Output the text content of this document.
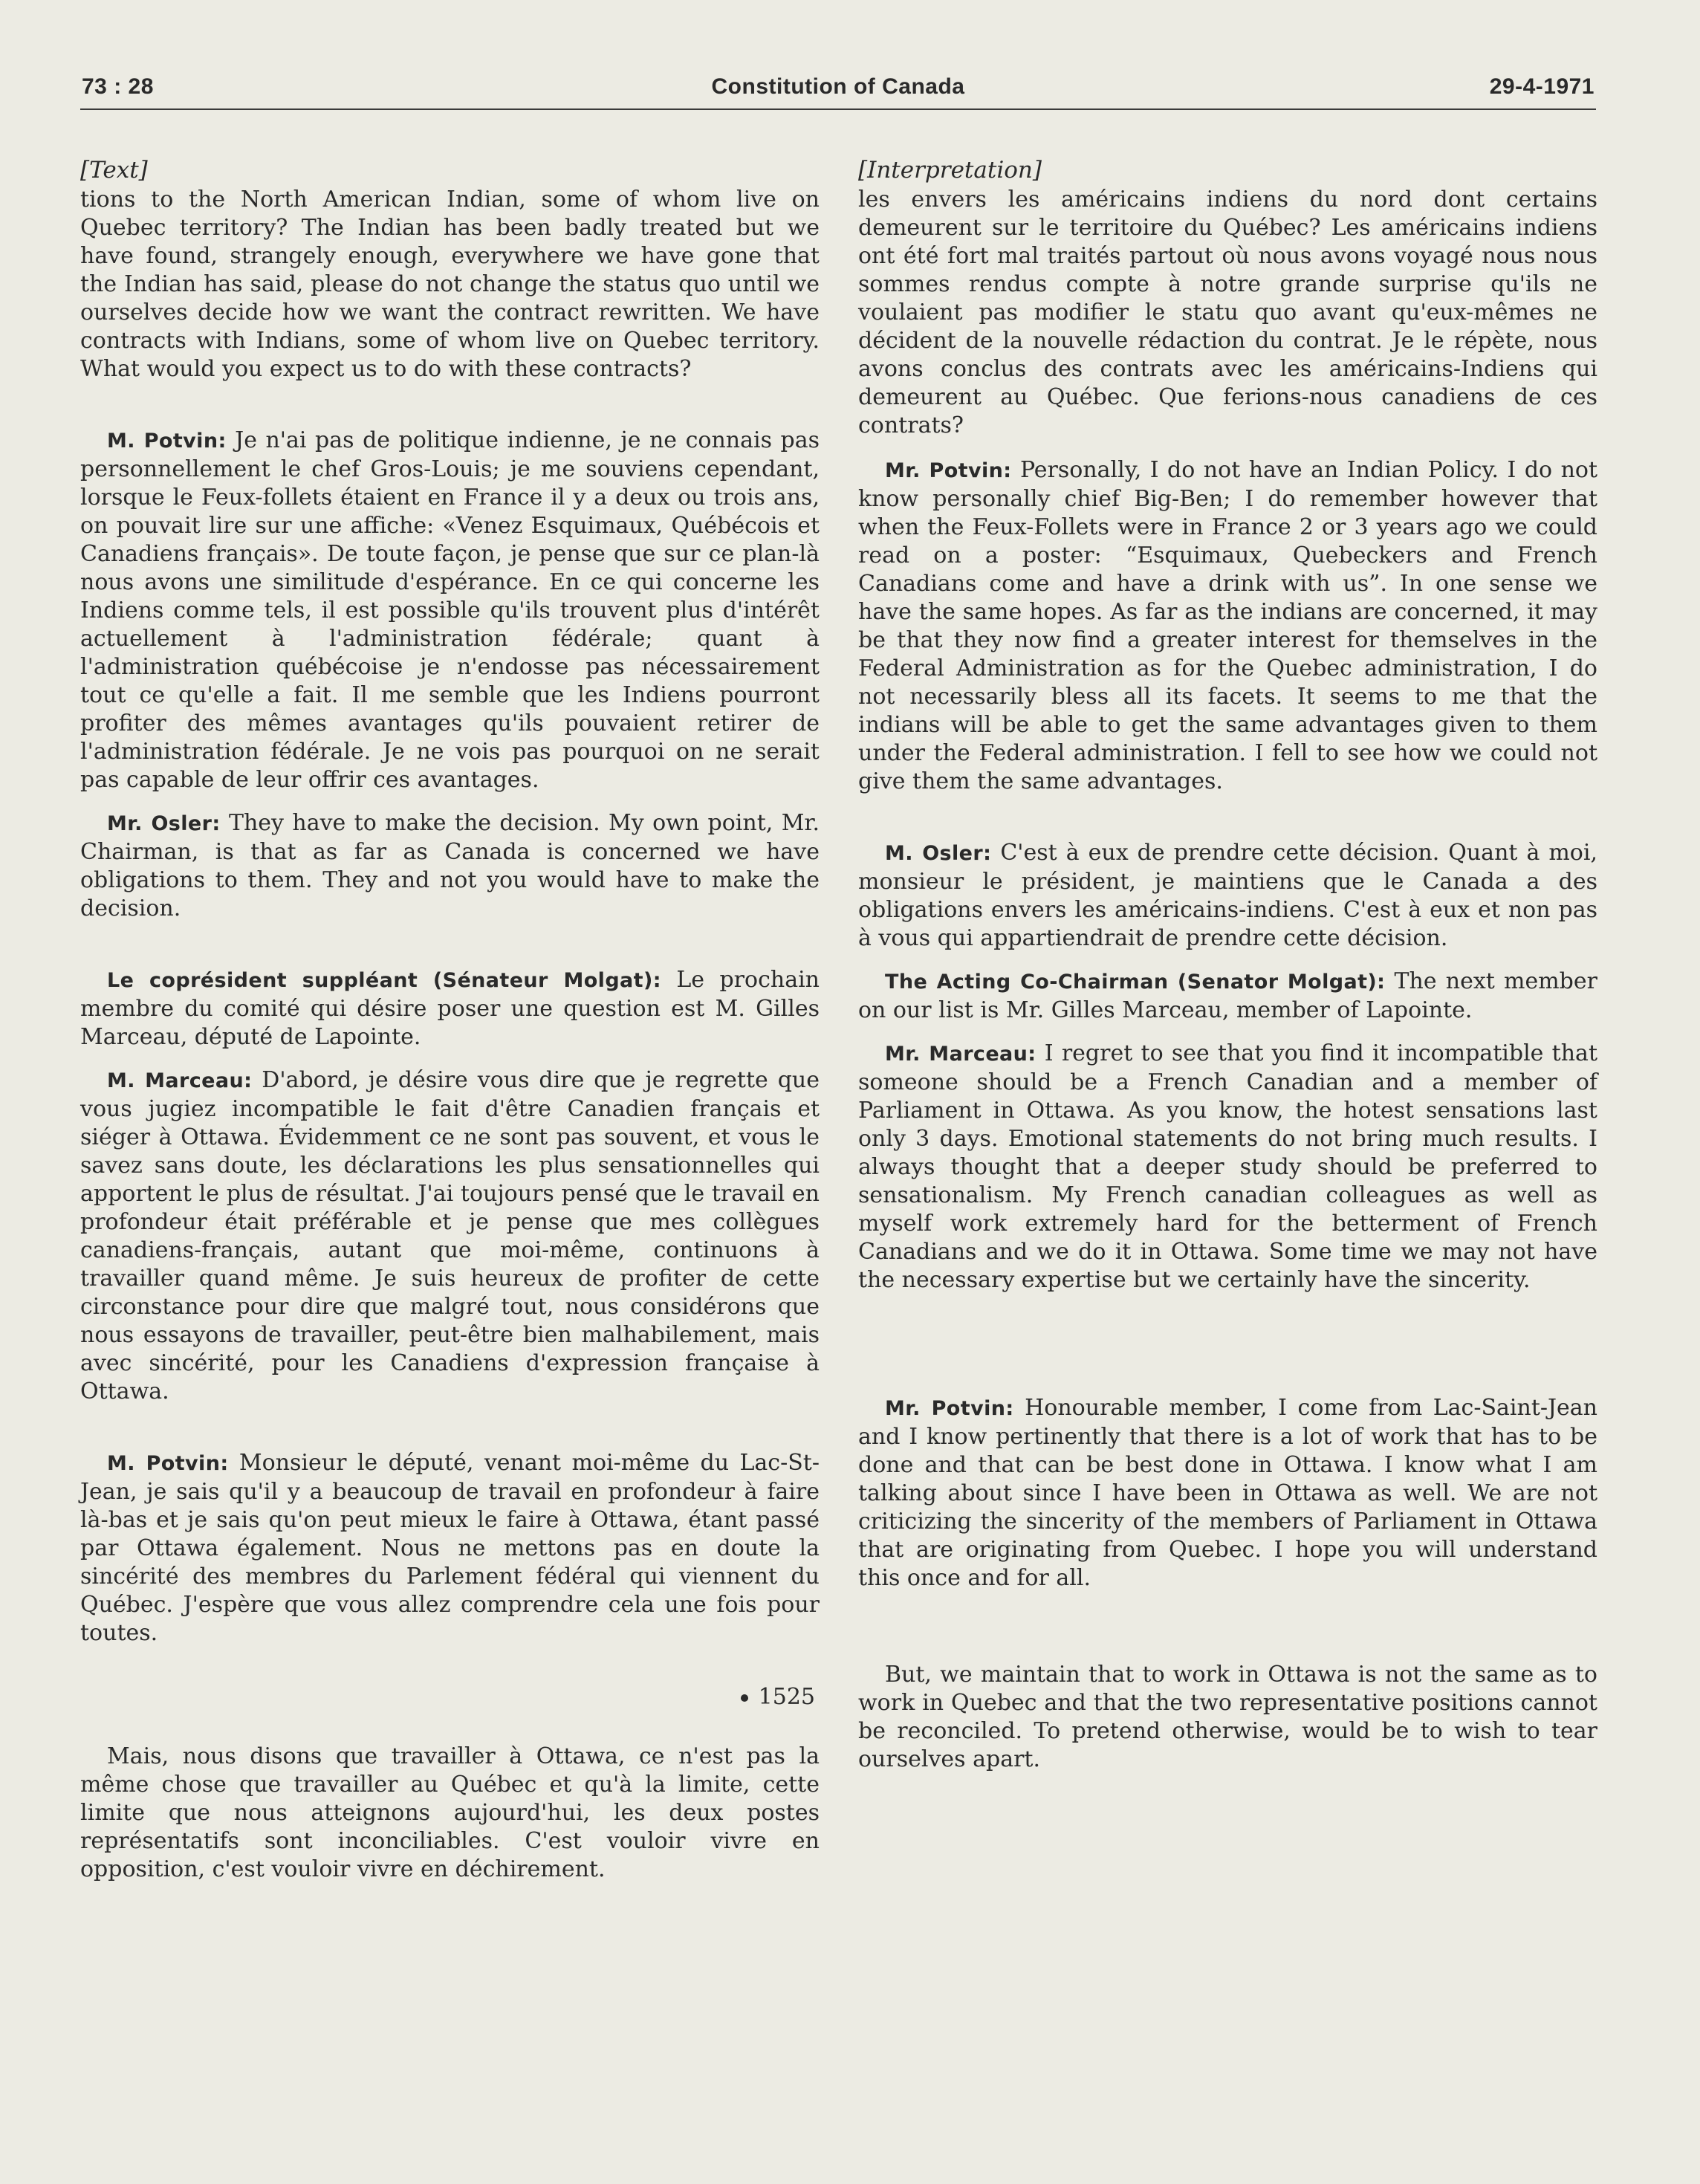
73 : 28	Constitution of Canada	29-4-1971
[Text]

tions to the North American Indian, some of whom live on Quebec territory? The Indian has been badly treated but we have found, strangely enough, everywhere we have gone that the Indian has said, please do not change the status quo until we ourselves decide how we want the contract rewritten. We have contracts with Indians, some of whom live on Quebec territory. What would you expect us to do with these contracts?

M. Potvin: Je n'ai pas de politique indienne, je ne connais pas personnellement le chef Gros-Louis; je me souviens cependant, lorsque le Feux-follets étaient en France il y a deux ou trois ans, on pouvait lire sur une affiche: «Venez Esquimaux, Québécois et Canadiens français». De toute façon, je pense que sur ce plan-là nous avons une similitude d'espérance. En ce qui concerne les Indiens comme tels, il est possible qu'ils trouvent plus d'intérêt actuellement à l'administration fédérale; quant à l'administration québécoise je n'endosse pas nécessairement tout ce qu'elle a fait. Il me semble que les Indiens pourront profiter des mêmes avantages qu'ils pouvaient retirer de l'administration fédérale. Je ne vois pas pourquoi on ne serait pas capable de leur offrir ces avantages.

Mr. Osler: They have to make the decision. My own point, Mr. Chairman, is that as far as Canada is concerned we have obligations to them. They and not you would have to make the decision.

Le coprésident suppléant (Sénateur Molgat): Le prochain membre du comité qui désire poser une question est M. Gilles Marceau, député de Lapointe.

M. Marceau: D'abord, je désire vous dire que je regrette que vous jugiez incompatible le fait d'être Canadien français et siéger à Ottawa. Évidemment ce ne sont pas souvent, et vous le savez sans doute, les déclarations les plus sensationnelles qui apportent le plus de résultat. J'ai toujours pensé que le travail en profondeur était préférable et je pense que mes collègues canadiens-français, autant que moi-même, continuons à travailler quand même. Je suis heureux de profiter de cette circonstance pour dire que malgré tout, nous considérons que nous essayons de travailler, peut-être bien malhabilement, mais avec sincérité, pour les Canadiens d'expression française à Ottawa.

M. Potvin: Monsieur le député, venant moi-même du Lac-St-Jean, je sais qu'il y a beaucoup de travail en profondeur à faire là-bas et je sais qu'on peut mieux le faire à Ottawa, étant passé par Ottawa également. Nous ne mettons pas en doute la sincérité des membres du Parlement fédéral qui viennent du Québec. J'espère que vous allez comprendre cela une fois pour toutes.

1525

Mais, nous disons que travailler à Ottawa, ce n'est pas la même chose que travailler au Québec et qu'à la limite, cette limite que nous atteignons aujourd'hui, les deux postes représentatifs sont inconciliables. C'est vouloir vivre en opposition, c'est vouloir vivre en déchirement.

[Interpretation]

les envers les américains indiens du nord dont certains demeurent sur le territoire du Québec? Les américains indiens ont été fort mal traités partout où nous avons voyagé nous nous sommes rendus compte à notre grande surprise qu'ils ne voulaient pas modifier le statu quo avant qu'eux-mêmes ne décident de la nouvelle rédaction du contrat. Je le répète, nous avons conclus des contrats avec les américains-Indiens qui demeurent au Québec. Que ferions-nous canadiens de ces contrats?

Mr. Potvin: Personally, I do not have an Indian Policy. I do not know personally chief Big-Ben; I do remember however that when the Feux-Follets were in France 2 or 3 years ago we could read on a poster: “Esquimaux, Quebeckers and French Canadians come and have a drink with us”. In one sense we have the same hopes. As far as the indians are concerned, it may be that they now find a greater interest for themselves in the Federal Administration as for the Quebec administration, I do not necessarily bless all its facets. It seems to me that the indians will be able to get the same advantages given to them under the Federal administration. I fell to see how we could not give them the same advantages.

M. Osler: C'est à eux de prendre cette décision. Quant à moi, monsieur le président, je maintiens que le Canada a des obligations envers les américains-indiens. C'est à eux et non pas à vous qui appartiendrait de prendre cette décision.

The Acting Co-Chairman (Senator Molgat): The next member on our list is Mr. Gilles Marceau, member of Lapointe.

Mr. Marceau: I regret to see that you find it incompatible that someone should be a French Canadian and a member of Parliament in Ottawa. As you know, the hotest sensations last only 3 days. Emotional statements do not bring much results. I always thought that a deeper study should be preferred to sensationalism. My French canadian colleagues as well as myself work extremely hard for the betterment of French Canadians and we do it in Ottawa. Some time we may not have the necessary expertise but we certainly have the sincerity.

Mr. Potvin: Honourable member, I come from Lac-Saint-Jean and I know pertinently that there is a lot of work that has to be done and that can be best done in Ottawa. I know what I am talking about since I have been in Ottawa as well. We are not criticizing the sincerity of the members of Parliament in Ottawa that are originating from Quebec. I hope you will understand this once and for all.

But, we maintain that to work in Ottawa is not the same as to work in Quebec and that the two representative positions cannot be reconciled. To pretend otherwise, would be to wish to tear ourselves apart.
